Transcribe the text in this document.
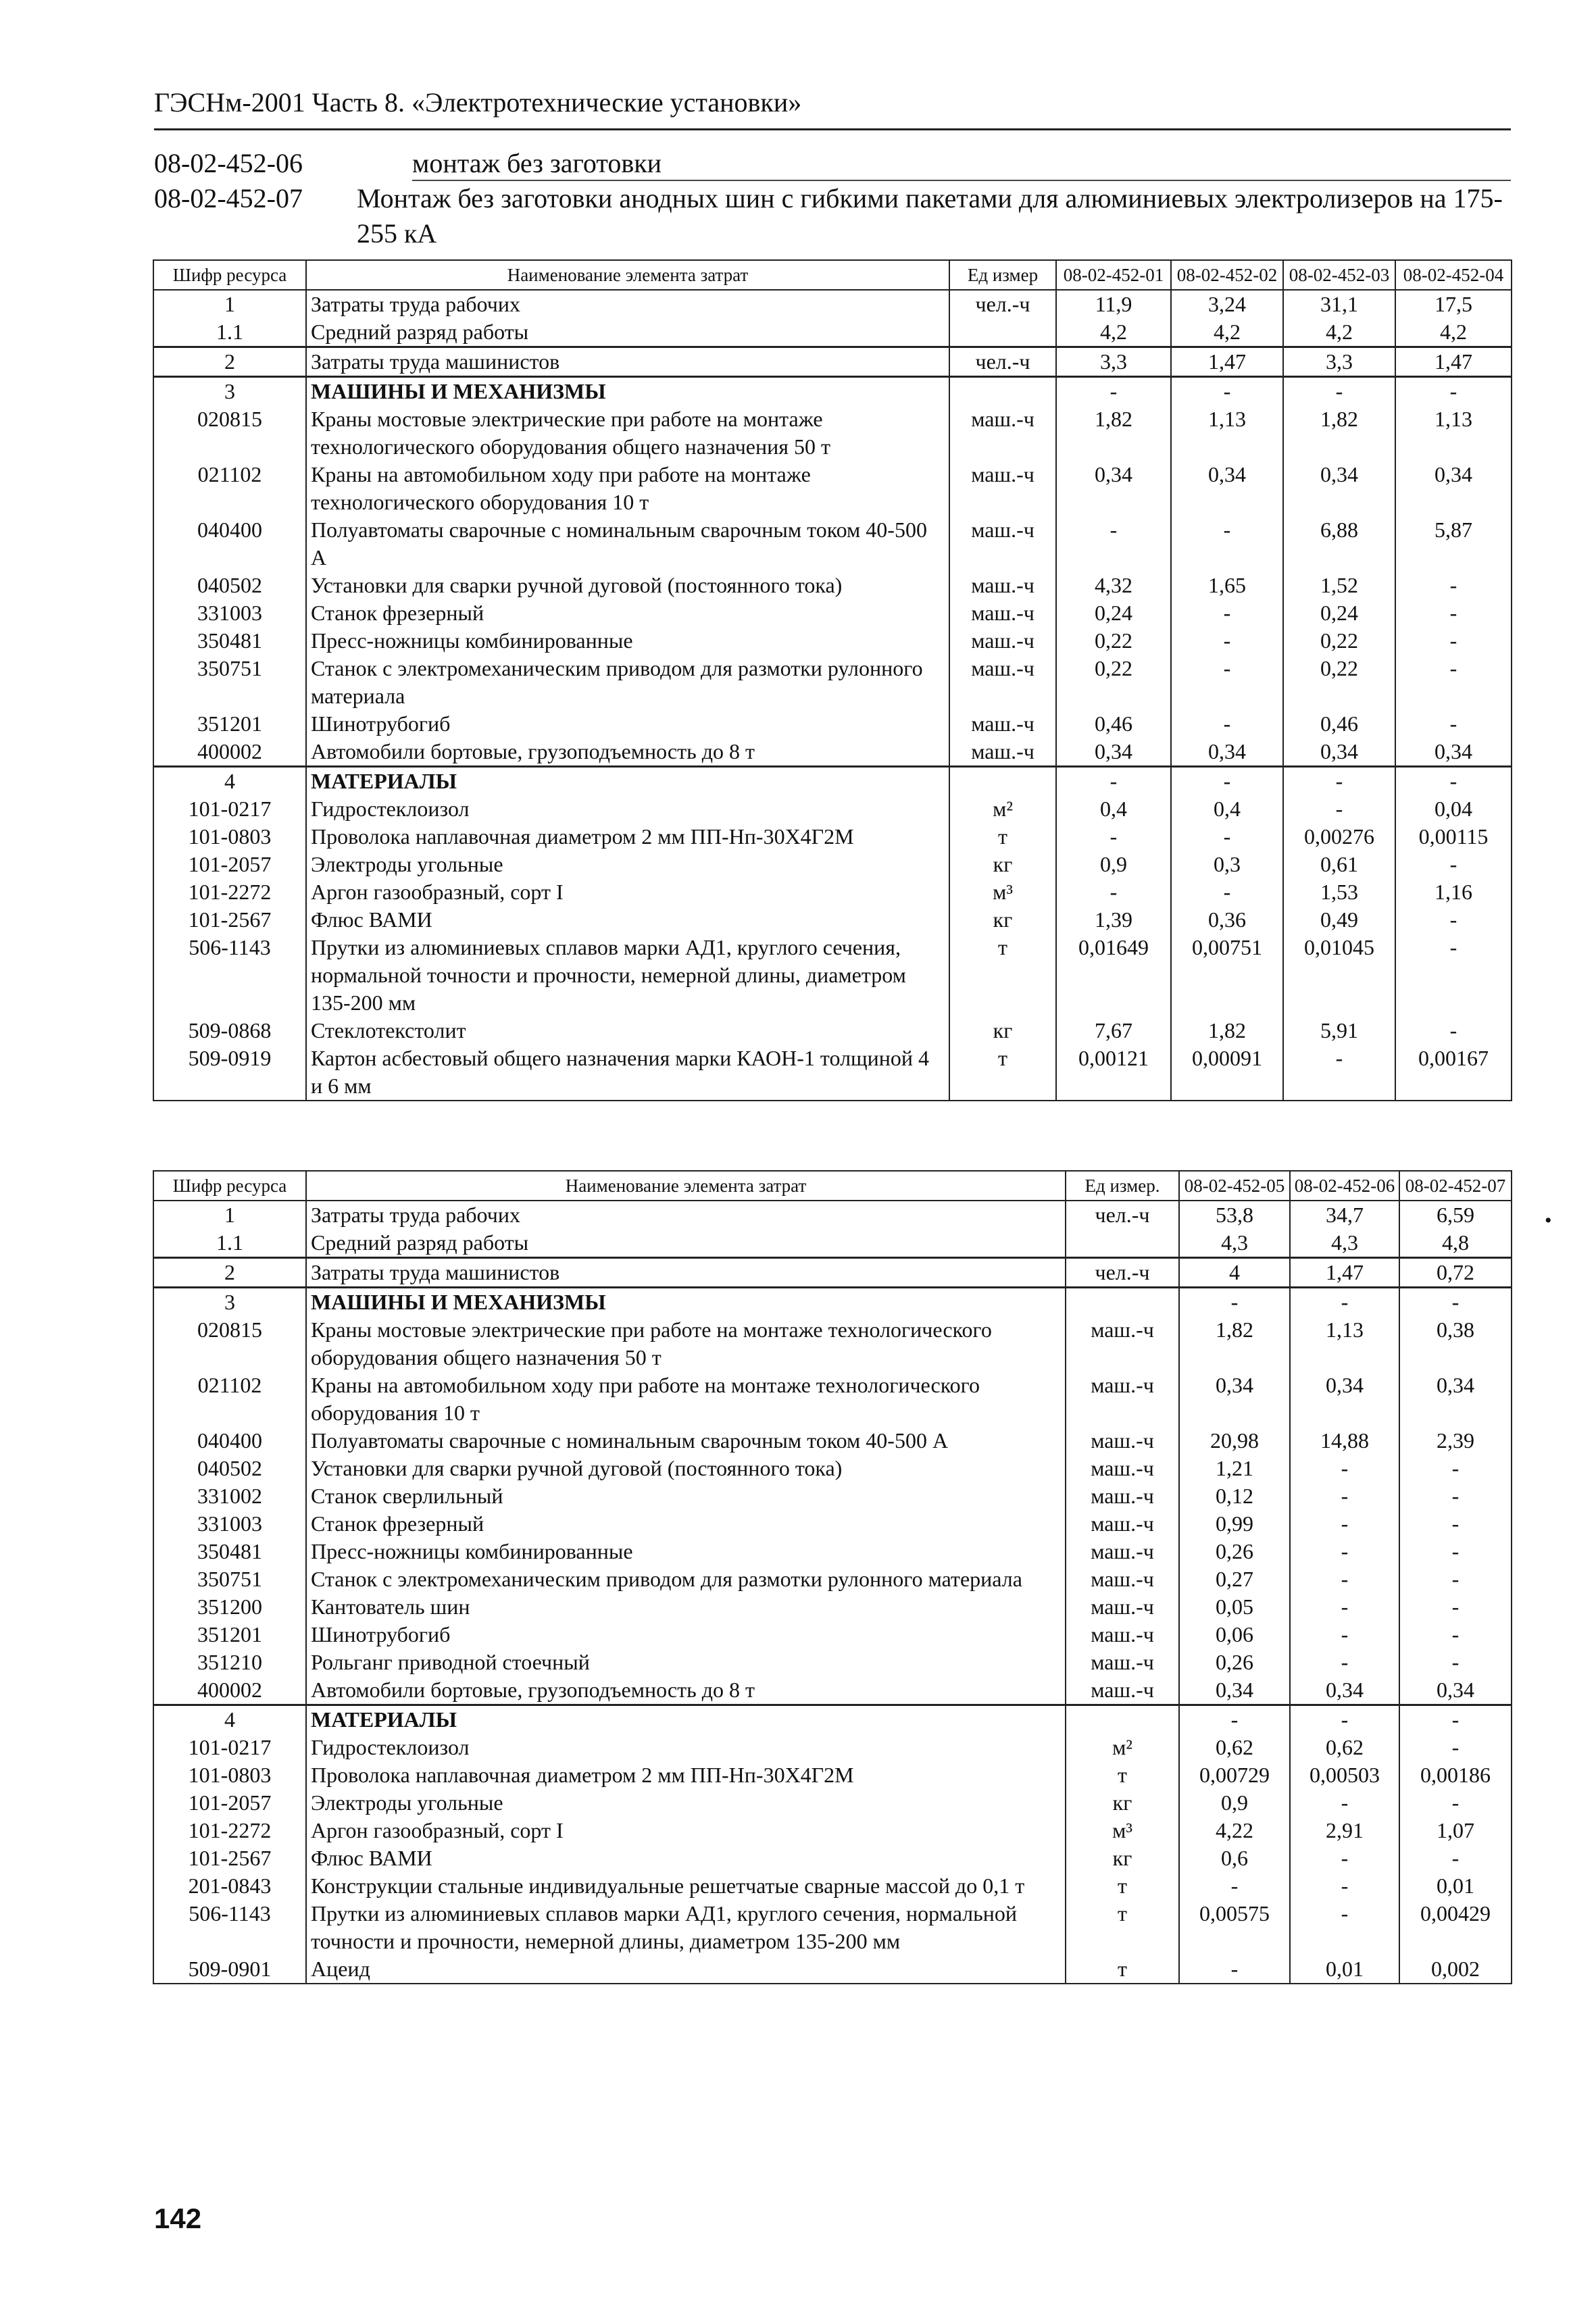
ГЭСНм-2001 Часть 8. «Электротехнические установки»
08-02-452-06
08-02-452-07
монтаж без заготовки
Монтаж без заготовки анодных шин с гибкими пакетами для алюминиевых электролизеров на 175-255 кА
Шифр ресурса	Наименование элемента затрат	Ед измер	08-02-452-01	08-02-452-02	08-02-452-03	08-02-452-04
1	Затраты труда рабочих	чел.-ч	11,9	3,24	31,1	17,5
1.1	Средний разряд работы		4,2	4,2	4,2	4,2
2	Затраты труда машинистов	чел.-ч	3,3	1,47	3,3	1,47
3	МАШИНЫ И МЕХАНИЗМЫ		-	-	-	-
020815	Краны мостовые электрические при работе на монтаже технологического оборудования общего назначения 50 т	маш.-ч	1,82	1,13	1,82	1,13
021102	Краны на автомобильном ходу при работе на монтаже технологического оборудования 10 т	маш.-ч	0,34	0,34	0,34	0,34
040400	Полуавтоматы сварочные с номинальным сварочным током 40-500 А	маш.-ч	-	-	6,88	5,87
040502	Установки для сварки ручной дуговой (постоянного тока)	маш.-ч	4,32	1,65	1,52	-
331003	Станок фрезерный	маш.-ч	0,24	-	0,24	-
350481	Пресс-ножницы комбинированные	маш.-ч	0,22	-	0,22	-
350751	Станок с электромеханическим приводом для размотки рулонного материала	маш.-ч	0,22	-	0,22	-
351201	Шинотрубогиб	маш.-ч	0,46	-	0,46	-
400002	Автомобили бортовые, грузоподъемность до 8 т	маш.-ч	0,34	0,34	0,34	0,34
4	МАТЕРИАЛЫ		-	-	-	-
101-0217	Гидростеклоизол	м²	0,4	0,4	-	0,04
101-0803	Проволока наплавочная диаметром 2 мм ПП-Нп-30Х4Г2М	т	-	-	0,00276	0,00115
101-2057	Электроды угольные	кг	0,9	0,3	0,61	-
101-2272	Аргон газообразный, сорт I	м³	-	-	1,53	1,16
101-2567	Флюс ВАМИ	кг	1,39	0,36	0,49	-
506-1143	Прутки из алюминиевых сплавов марки АД1, круглого сечения, нормальной точности и прочности, немерной длины, диаметром 135-200 мм	т	0,01649	0,00751	0,01045	-
509-0868	Стеклотекстолит	кг	7,67	1,82	5,91	-
509-0919	Картон асбестовый общего назначения марки КАОН-1 толщиной 4 и 6 мм	т	0,00121	0,00091	-	0,00167
Шифр ресурса	Наименование элемента затрат	Ед измер.	08-02-452-05	08-02-452-06	08-02-452-07
1	Затраты труда рабочих	чел.-ч	53,8	34,7	6,59
1.1	Средний разряд работы		4,3	4,3	4,8
2	Затраты труда машинистов	чел.-ч	4	1,47	0,72
3	МАШИНЫ И МЕХАНИЗМЫ		-	-	-
020815	Краны мостовые электрические при работе на монтаже технологического оборудования общего назначения 50 т	маш.-ч	1,82	1,13	0,38
021102	Краны на автомобильном ходу при работе на монтаже технологического оборудования 10 т	маш.-ч	0,34	0,34	0,34
040400	Полуавтоматы сварочные с номинальным сварочным током 40-500 А	маш.-ч	20,98	14,88	2,39
040502	Установки для сварки ручной дуговой (постоянного тока)	маш.-ч	1,21	-	-
331002	Станок сверлильный	маш.-ч	0,12	-	-
331003	Станок фрезерный	маш.-ч	0,99	-	-
350481	Пресс-ножницы комбинированные	маш.-ч	0,26	-	-
350751	Станок с электромеханическим приводом для размотки рулонного материала	маш.-ч	0,27	-	-
351200	Кантователь шин	маш.-ч	0,05	-	-
351201	Шинотрубогиб	маш.-ч	0,06	-	-
351210	Рольганг приводной стоечный	маш.-ч	0,26	-	-
400002	Автомобили бортовые, грузоподъемность до 8 т	маш.-ч	0,34	0,34	0,34
4	МАТЕРИАЛЫ		-	-	-
101-0217	Гидростеклоизол	м²	0,62	0,62	-
101-0803	Проволока наплавочная диаметром 2 мм ПП-Нп-30Х4Г2М	т	0,00729	0,00503	0,00186
101-2057	Электроды угольные	кг	0,9	-	-
101-2272	Аргон газообразный, сорт I	м³	4,22	2,91	1,07
101-2567	Флюс ВАМИ	кг	0,6	-	-
201-0843	Конструкции стальные индивидуальные решетчатые сварные массой до 0,1 т	т	-	-	0,01
506-1143	Прутки из алюминиевых сплавов марки АД1, круглого сечения, нормальной точности и прочности, немерной длины, диаметром 135-200 мм	т	0,00575	-	0,00429
509-0901	Ацеид	т	-	0,01	0,002
•
142
